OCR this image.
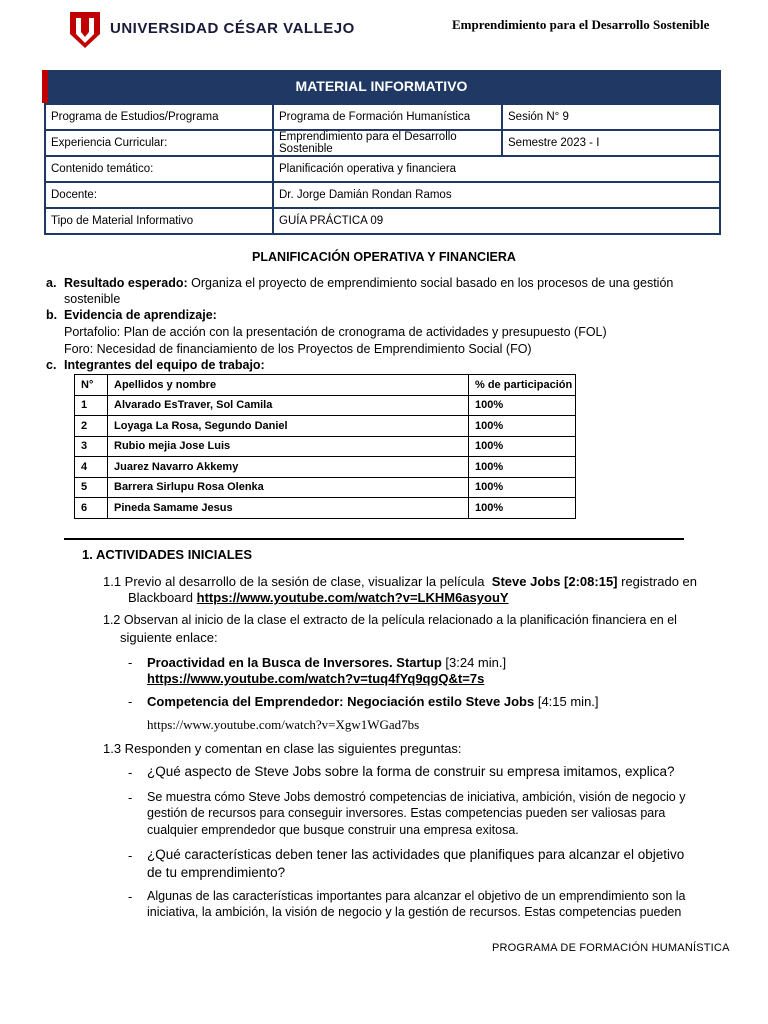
UNIVERSIDAD CÉSAR VALLEJO	Emprendimiento para el Desarrollo Sostenible
MATERIAL INFORMATIVO
Programa de Estudios/Programa	Programa de Formación Humanística	Sesión N° 9
Experiencia Curricular:	Emprendimiento para el Desarrollo Sostenible	Semestre 2023 - I
Contenido temático:	Planificación operativa y financiera	
Docente:	Dr. Jorge Damián Rondan Ramos	
Tipo de Material Informativo	GUÍA PRÁCTICA 09	
PLANIFICACIÓN OPERATIVA Y FINANCIERA
a. Resultado esperado: Organiza el proyecto de emprendimiento social basado en los procesos de una gestión
sostenible
b. Evidencia de aprendizaje:
Portafolio: Plan de acción con la presentación de cronograma de actividades y presupuesto (FOL)
Foro: Necesidad de financiamiento de los Proyectos de Emprendimiento Social (FO)
c. Integrantes del equipo de trabajo:
N°	Apellidos y nombre	% de participación
1	Alvarado EsTraver, Sol Camila	100%
2	Loyaga La Rosa, Segundo Daniel	100%
3	Rubio mejia Jose Luis	100%
4	Juarez Navarro Akkemy	100%
5	Barrera Sirlupu Rosa Olenka	100%
6	Pineda Samame Jesus	100%
1. ACTIVIDADES INICIALES
1.1 Previo al desarrollo de la sesión de clase, visualizar la película Steve Jobs [2:08:15] registrado en
Blackboard https://www.youtube.com/watch?v=LKHM6asyouY
1.2 Observan al inicio de la clase el extracto de la película relacionado a la planificación financiera en el
siguiente enlace:
- Proactividad en la Busca de Inversores. Startup [3:24 min.]
https://www.youtube.com/watch?v=tuq4fYq9qgQ&t=7s
- Competencia del Emprendedor: Negociación estilo Steve Jobs [4:15 min.]
https://www.youtube.com/watch?v=Xgw1WGad7bs
1.3 Responden y comentan en clase las siguientes preguntas:
- ¿Qué aspecto de Steve Jobs sobre la forma de construir su empresa imitamos, explica?
- Se muestra cómo Steve Jobs demostró competencias de iniciativa, ambición, visión de negocio y
gestión de recursos para conseguir inversores. Estas competencias pueden ser valiosas para
cualquier emprendedor que busque construir una empresa exitosa.
- ¿Qué características deben tener las actividades que planifiques para alcanzar el objetivo
de tu emprendimiento?
- Algunas de las características importantes para alcanzar el objetivo de un emprendimiento son la
iniciativa, la ambición, la visión de negocio y la gestión de recursos. Estas competencias pueden
PROGRAMA DE FORMACIÓN HUMANÍSTICA
